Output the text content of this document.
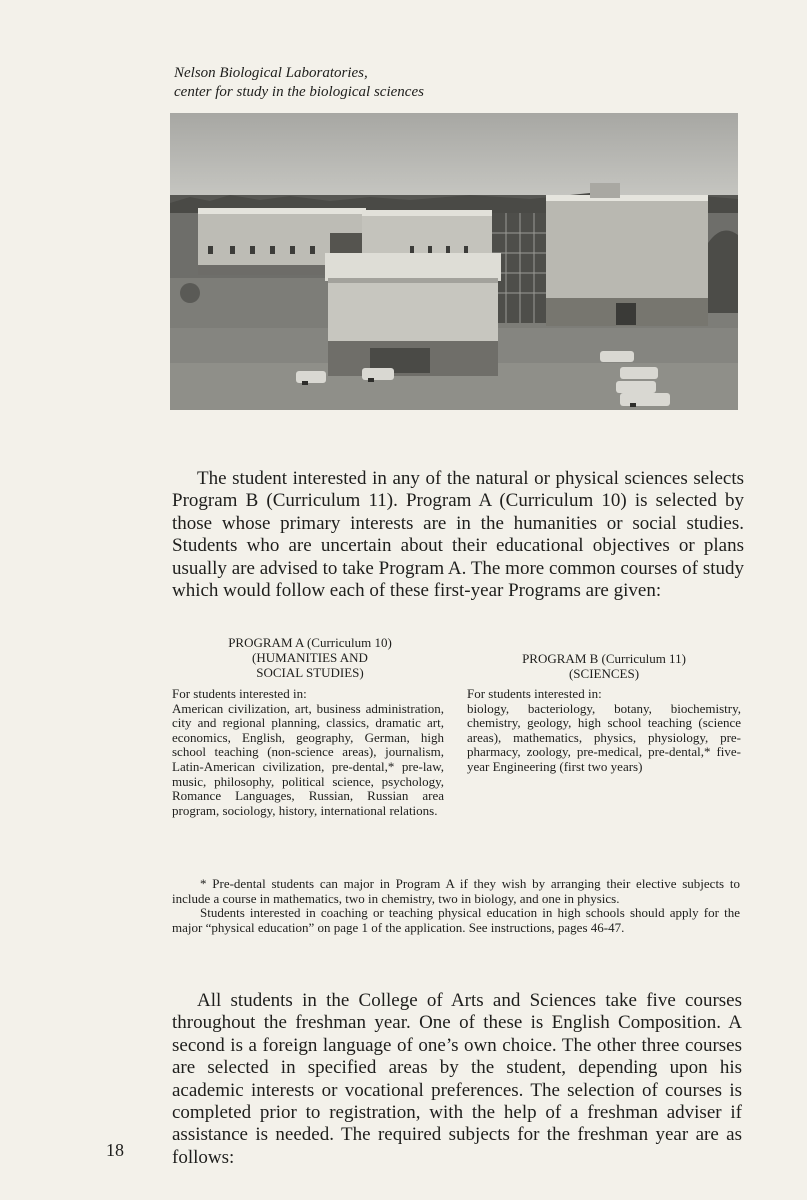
Nelson Biological Laboratories,
center for study in the biological sciences

The student interested in any of the natural or physical sciences selects Program B (Curriculum 11). Program A (Curriculum 10) is selected by those whose primary interests are in the humanities or social studies. Students who are uncertain about their educational objectives or plans usually are advised to take Program A. The more common courses of study which would follow each of these first-year Programs are given:

PROGRAM A (Curriculum 10)
(HUMANITIES AND
SOCIAL STUDIES)
PROGRAM B (Curriculum 11)
(SCIENCES)

For students interested in:

American civilization, art, business administration, city and regional planning, classics, dramatic art, economics, English, geography, German, high school teaching (non-science areas), journalism, Latin-American civilization, pre-dental,* pre-law, music, philosophy, political science, psychology, Romance Languages, Russian, Russian area program, sociology, history, international relations.

For students interested in:

biology, bacteriology, botany, biochemistry, chemistry, geology, high school teaching (science areas), mathematics, physics, physiology, pre-pharmacy, zoology, pre-medical, pre-dental,* five-year Engineering (first two years)

* Pre-dental students can major in Program A if they wish by arranging their elective subjects to include a course in mathematics, two in chemistry, two in biology, and one in physics.

Students interested in coaching or teaching physical education in high schools should apply for the major “physical education” on page 1 of the application. See instructions, pages 46-47.

All students in the College of Arts and Sciences take five courses throughout the freshman year. One of these is English Composition. A second is a foreign language of one’s own choice. The other three courses are selected in specified areas by the student, depending upon his academic interests or vocational preferences. The selection of courses is completed prior to registration, with the help of a freshman adviser if assistance is needed. The required subjects for the freshman year are as follows:

18
